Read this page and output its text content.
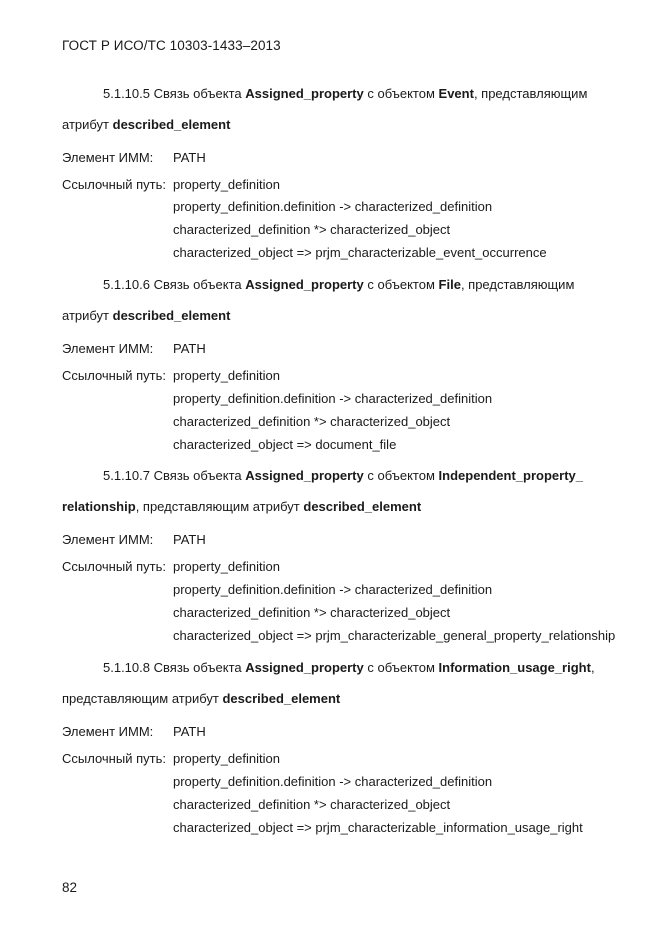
ГОСТ Р ИСО/ТС 10303-1433–2013
5.1.10.5 Связь объекта Assigned_property с объектом Event, представляющим
атрибут described_element
Элемент ИММ: PATH
Ссылочный путь: property_definition
property_definition.definition -> characterized_definition
characterized_definition *> characterized_object
characterized_object => prjm_characterizable_event_occurrence
5.1.10.6 Связь объекта Assigned_property с объектом File, представляющим
атрибут described_element
Элемент ИММ: PATH
Ссылочный путь: property_definition
property_definition.definition -> characterized_definition
characterized_definition *> characterized_object
characterized_object => document_file
5.1.10.7 Связь объекта Assigned_property с объектом Independent_property_
relationship, представляющим атрибут described_element
Элемент ИММ: PATH
Ссылочный путь: property_definition
property_definition.definition -> characterized_definition
characterized_definition *> characterized_object
characterized_object => prjm_characterizable_general_property_relationship
5.1.10.8 Связь объекта Assigned_property с объектом Information_usage_right,
представляющим атрибут described_element
Элемент ИММ: PATH
Ссылочный путь: property_definition
property_definition.definition -> characterized_definition
characterized_definition *> characterized_object
characterized_object => prjm_characterizable_information_usage_right
82
